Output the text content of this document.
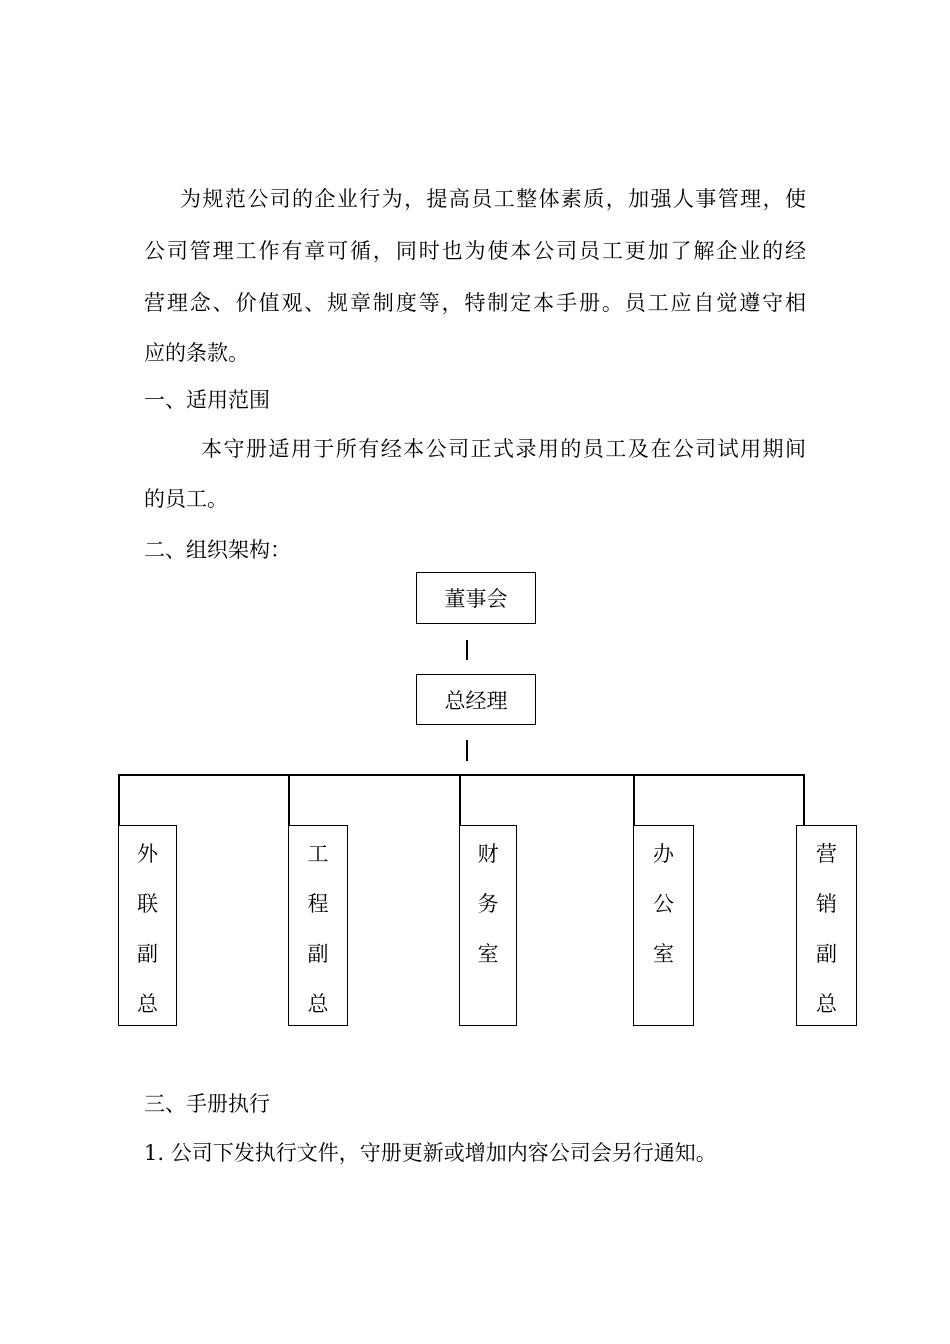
为规范公司的企业行为，提高员工整体素质，加强人事管理，使
公司管理工作有章可循，同时也为使本公司员工更加了解企业的经
营理念、价值观、规章制度等，特制定本手册。员工应自觉遵守相
应的条款。
一、适用范围
本守册适用于所有经本公司正式录用的员工及在公司试用期间
的员工。
二、组织架构：
董事会
总经理
外
联
副
总
工
程
副
总
财
务
室
办
公
室
营
销
副
总
三、手册执行
1. 公司下发执行文件，守册更新或增加内容公司会另行通知。
